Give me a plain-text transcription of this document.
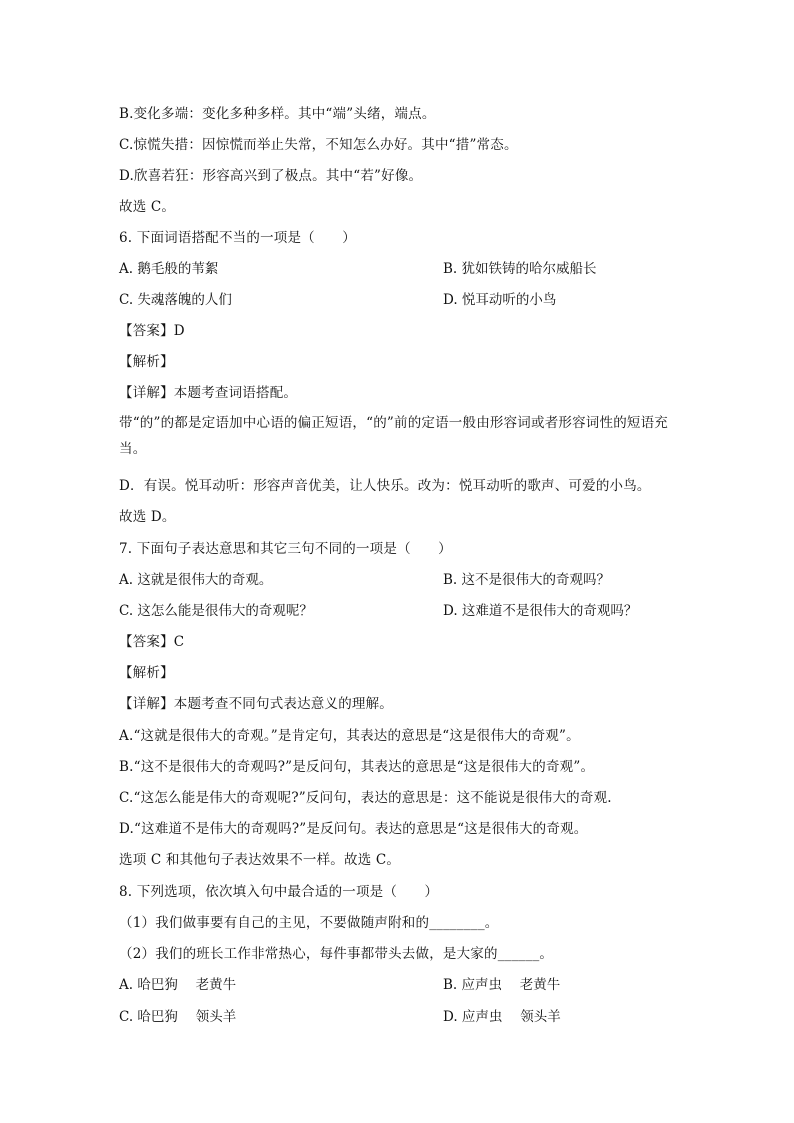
B.变化多端：变化多种多样。其中“端”头绪，端点。
C.惊慌失措：因惊慌而举止失常，不知怎么办好。其中“措”常态。
D.欣喜若狂：形容高兴到了极点。其中“若”好像。
故选 C。
6. 下面词语搭配不当的一项是（　　）
A. 鹅毛般的苇絮	B. 犹如铁铸的哈尔威船长
C. 失魂落魄的人们	D. 悦耳动听的小鸟
【答案】D
【解析】
【详解】本题考查词语搭配。
带“的”的都是定语加中心语的偏正短语，“的”前的定语一般由形容词或者形容词性的短语充当。
D．有误。悦耳动听：形容声音优美，让人快乐。改为：悦耳动听的歌声、可爱的小鸟。
故选 D。
7. 下面句子表达意思和其它三句不同的一项是（　　）
A. 这就是很伟大的奇观。	B. 这不是很伟大的奇观吗？
C. 这怎么能是很伟大的奇观呢？	D. 这难道不是很伟大的奇观吗？
【答案】C
【解析】
【详解】本题考查不同句式表达意义的理解。
A.“这就是很伟大的奇观。”是肯定句，其表达的意思是“这是很伟大的奇观”。
B.“这不是很伟大的奇观吗?”是反问句，其表达的意思是“这是很伟大的奇观”。
C.“这怎么能是伟大的奇观呢?”反问句，表达的意思是：这不能说是很伟大的奇观.
D.“这难道不是伟大的奇观吗?”是反问句。表达的意思是“这是很伟大的奇观。
选项 C 和其他句子表达效果不一样。故选 C。
8. 下列选项，依次填入句中最合适的一项是（　　）
（1）我们做事要有自己的主见，不要做随声附和的________。
（2）我们的班长工作非常热心，每件事都带头去做，是大家的______。
A. 哈巴狗　 老黄牛	B. 应声虫　 老黄牛
C. 哈巴狗　 领头羊	D. 应声虫　 领头羊
